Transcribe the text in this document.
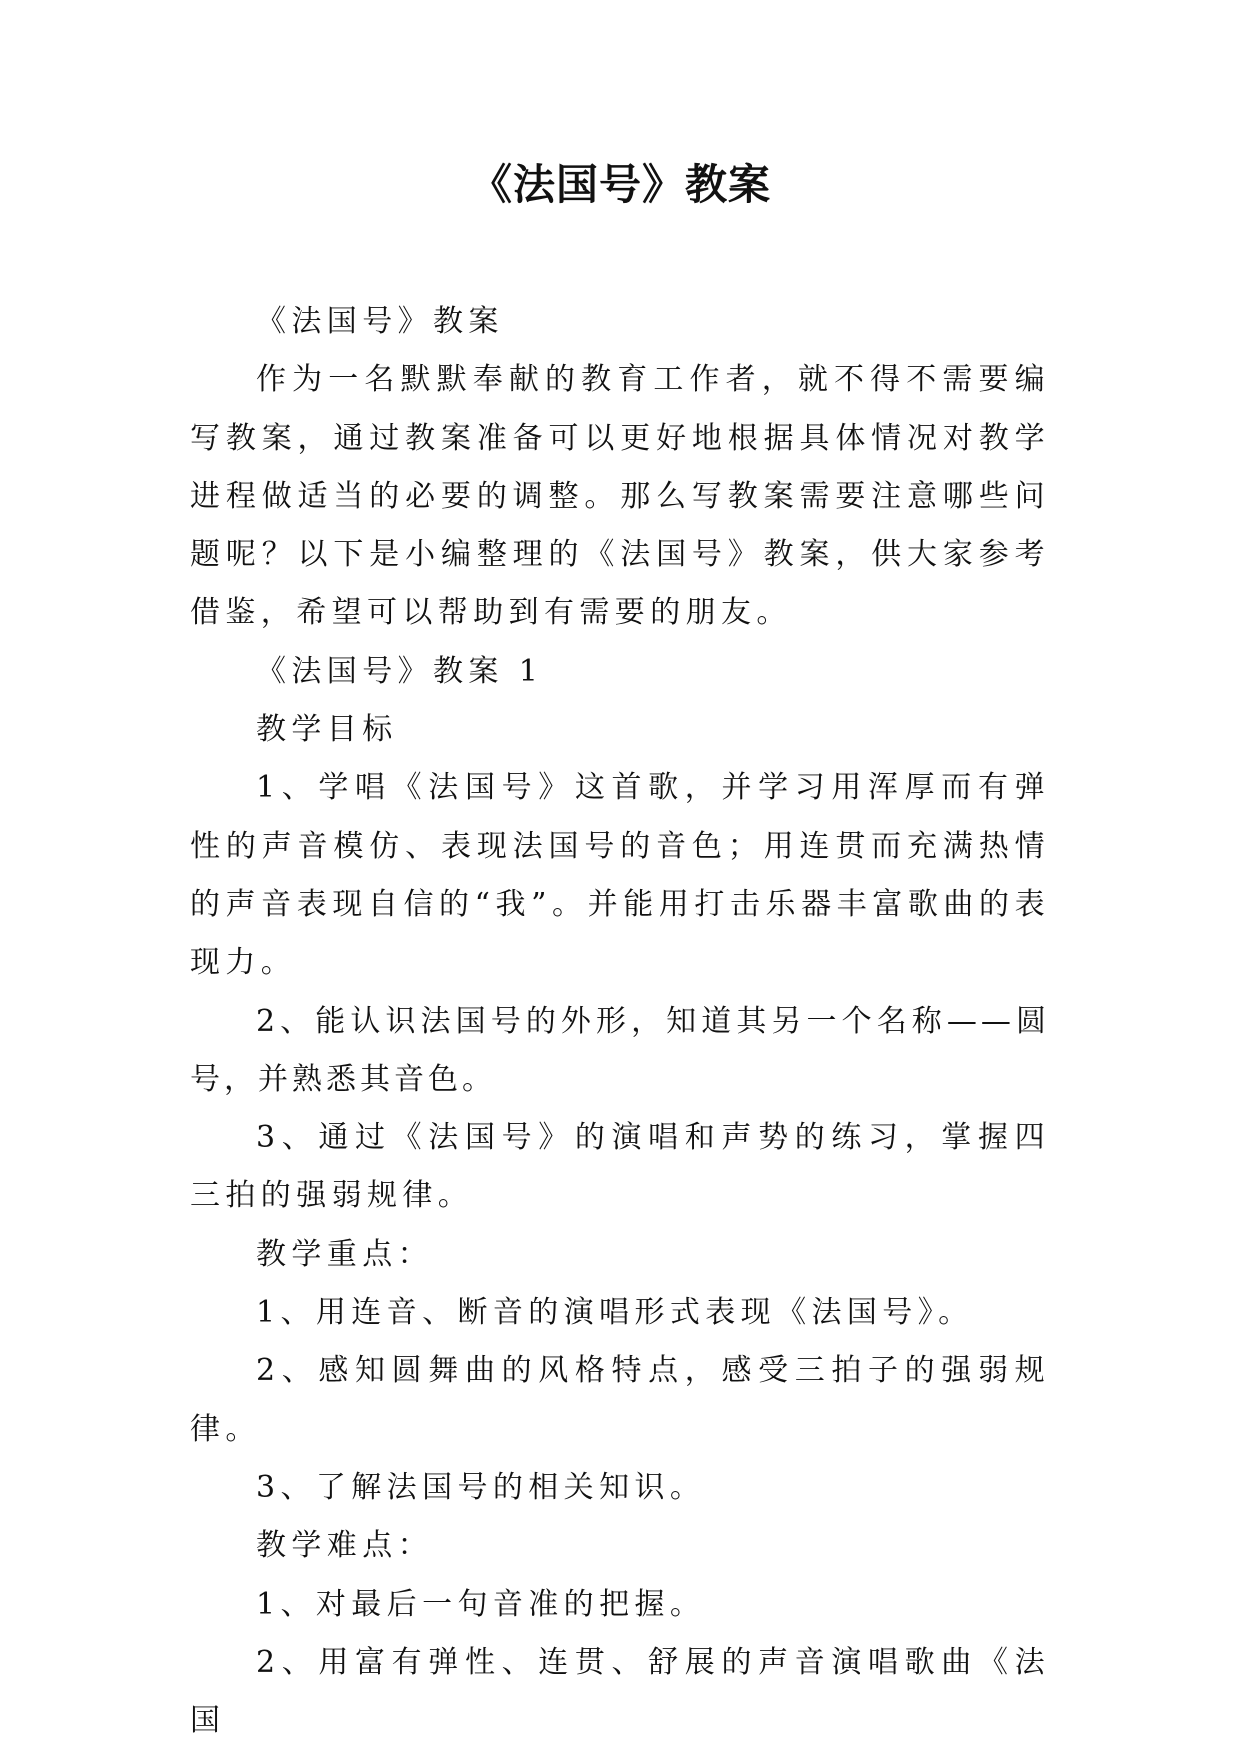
《法国号》教案

《法国号》教案

作为一名默默奉献的教育工作者，就不得不需要编写教案，通过教案准备可以更好地根据具体情况对教学进程做适当的必要的调整。那么写教案需要注意哪些问题呢？以下是小编整理的《法国号》教案，供大家参考借鉴，希望可以帮助到有需要的朋友。

《法国号》教案 1

教学目标

1、学唱《法国号》这首歌，并学习用浑厚而有弹性的声音模仿、表现法国号的音色；用连贯而充满热情的声音表现自信的“我”。并能用打击乐器丰富歌曲的表现力。

2、能认识法国号的外形，知道其另一个名称——圆号，并熟悉其音色。

3、通过《法国号》的演唱和声势的练习，掌握四三拍的强弱规律。

教学重点：

1、用连音、断音的演唱形式表现《法国号》。

2、感知圆舞曲的风格特点，感受三拍子的强弱规律。

3、了解法国号的相关知识。

教学难点：

1、对最后一句音准的把握。

2、用富有弹性、连贯、舒展的声音演唱歌曲《法国
